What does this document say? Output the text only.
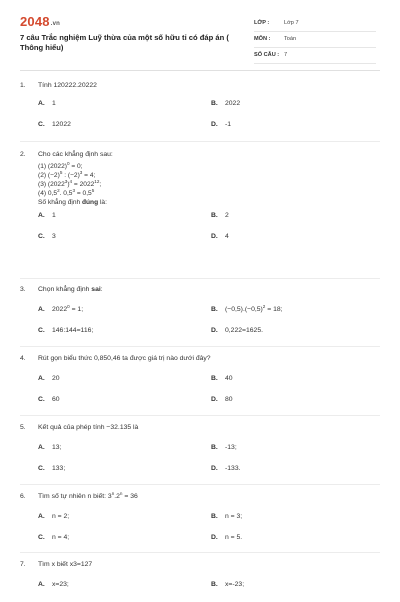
2048.vn
7 câu Trắc nghiệm Luỹ thừa của một số hữu tỉ có đáp án ( Thông hiểu)
LỚP :	Lớp 7
MÔN : Toán
SỐ CÂU : 7
1. Tính 120222.20222
A. 1	B. 2022
C. 12022	D. -1
2. Cho các khẳng định sau:
(1) $(2022)^0 = 0$;
(2) $(-2)^5$ : $(-2)^3 = 4$;
(3) $(2022^3)^4 = 2022^{12}$;
(4) $0,5^2$. $0,5^3 = 0,5^5$
Số khẳng định đúng là:
A. 1	B. 2
C. 3	D. 4
3. Chọn khẳng định sai:
A. $2022^0 = 1$;	B. $(-0,5).(-0,5)^2 = 18$;
C. 146:144=116;	D. 0,222=1625.
4. Rút gọn biểu thức 0,850,46 ta được giá trị nào dưới đây?
A. 20	B. 40
C. 60	D. 80
5. Kết quả của phép tính −32.135 là
A. 13;	B. -13;
C. 133;	D. -133.
6. Tìm số tự nhiên n biết: $3^n.2^n = 36$
A. n = 2;	B. n = 3;
C. n = 4;	D. n = 5.
7. Tìm x biết x3=127
A. x=23;	B. x=-23;
